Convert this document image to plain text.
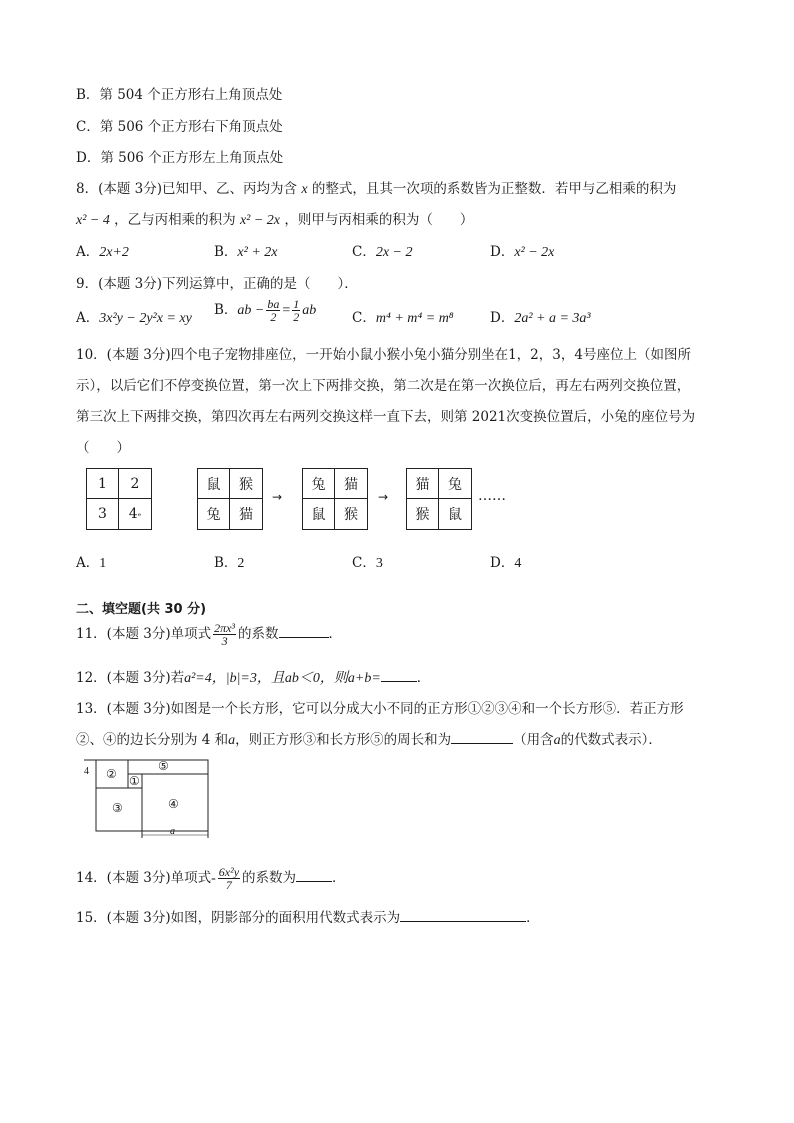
B．第 504 个正方形右上角顶点处
C．第 506 个正方形右下角顶点处
D．第 506 个正方形左上角顶点处
8．(本题 3分)已知甲、乙、丙均为含 x 的整式，且其一次项的系数皆为正整数．若甲与乙相乘的积为
x² − 4 ，乙与丙相乘的积为 x² − 2x ，则甲与丙相乘的积为（　　）
A．2x+2	B．x² + 2x	C．2x − 2	D．x² − 2x
9．(本题 3分)下列运算中，正确的是（　　）．
A．3x²y − 2y²x = xy
B．ab − $\frac{ba}{2} = \frac{1}{2}$ ab	C．m⁴ + m⁴ = m⁸	D．2a² + a = 3a³
10．(本题 3分)四个电子宠物排座位，一开始小鼠小猴小兔小猫分别坐在1，2，3，4号座位上（如图所
示），以后它们不停变换位置，第一次上下两排交换，第二次是在第一次换位后，再左右两列交换位置，
第三次上下两排交换，第四次再左右两列交换这样一直下去，则第 2021次变换位置后，小兔的座位号为
（　　）
1	2
3	4 ₑ
鼠	猴
兔	猫
→
兔	猫
鼠	猴
→
猫	兔
猴	鼠
……
A．1	B．2	C．3	D．4
二、填空题(共 30 分)
11．(本题 3分)单项式 $\frac{\text{2πx³}}{3}$ 的系数	．
12．(本题 3分)若a²=4，|b|=3，且ab＜0，则a+b=	．
13．(本题 3分)如图是一个长方形，它可以分成大小不同的正方形①②③④和一个长方形⑤．若正方形
②、④的边长分别为 4 和a，则正方形③和长方形⑤的周长和为	（用含a的代数式表示）．
4 ② ①
⑤
③	④
a
14．(本题 3分)单项式- $\frac{\text{6x²y}}{7}$ 的系数为	．
15．(本题 3分)如图，阴影部分的面积用代数式表示为	．
